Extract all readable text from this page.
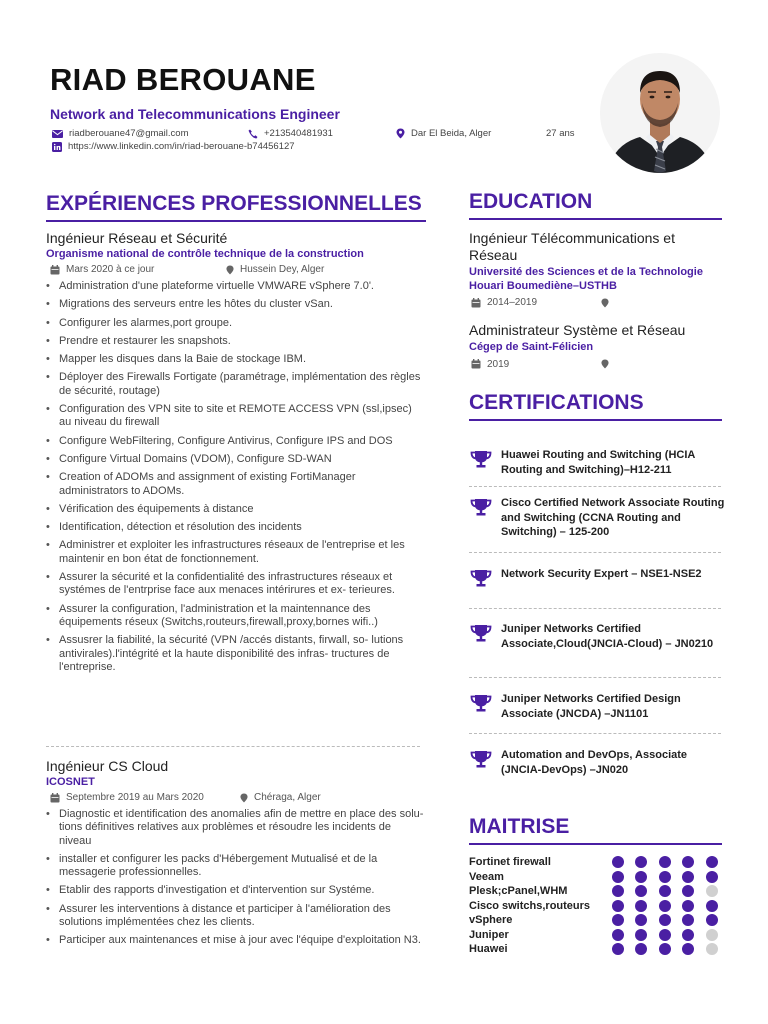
RIAD BEROUANE
Network and Telecommunications Engineer
riadberouane47@gmail.com	+213540481931	Dar El Beida, Alger	27 ans
https://www.linkedin.com/in/riad-berouane-b74456127
EXPÉRIENCES PROFESSIONNELLES
Ingénieur Réseau et Sécurité
Organisme national de contrôle technique de la construction
Mars 2020 à ce jour	Hussein Dey, Alger
• Administration d'une plateforme virtuelle VMWARE vSphere 7.0'.
• Migrations des serveurs entre les hôtes du cluster vSan.
• Configurer les alarmes,port groupe.
• Prendre et restaurer les snapshots.
• Mapper les disques dans la Baie de stockage IBM.
• Déployer des Firewalls Fortigate (paramétrage, implémentation des règles de sécurité, routage)
• Configuration des VPN site to site et REMOTE ACCESS VPN (ssl,ipsec) au niveau du firewall
• Configure WebFiltering, Configure Antivirus, Configure IPS and DOS
• Configure Virtual Domains (VDOM), Configure SD-WAN
• Creation of ADOMs and assignment of existing FortiManager administrators to ADOMs.
• Vérification des équipements à distance
• Identification, détection et résolution des incidents
• Administrer et exploiter les infrastructures réseaux de l'entreprise et les maintenir en bon état de fonctionnement.
• Assurer la sécurité et la confidentialité des infrastructures réseaux et systémes de l'entrprise face aux menaces intérirures et ex- terieures.
• Assurer la configuration, l'administration et la maintennance des équipements réseux (Switchs,routeurs,firewall,proxy,bornes wifi..)
• Assusrer la fiabilité, la sécurité (VPN /accés distants, firwall, so- lutions antivirales).l'intégrité et la haute disponibilité des infras- tructures de l'entreprise.
Ingénieur CS Cloud
ICOSNET
Septembre 2019 au Mars 2020	Chéraga, Alger
• Diagnostic et identification des anomalies afin de mettre en place des solu- tions définitives relatives aux problèmes et résoudre les incidents de niveau
• installer et configurer les packs d'Hébergement Mutualisé et de la messagerie professionnelles.
• Etablir des rapports d'investigation et d'intervention sur Systéme.
• Assurer les interventions à distance et participer à l'amélioration des solutions implémentées chez les clients.
• Participer aux maintenances et mise à jour avec l'équipe d'exploitation N3.
EDUCATION
Ingénieur Télécommunications et Réseau
Université des Sciences et de la Technologie Houari Boumediène–USTHB
2014–2019
Administrateur Système et Réseau
Cégep de Saint-Félicien
2019
CERTIFICATIONS
Huawei Routing and Switching (HCIA Routing and Switching)–H12-211
Cisco Certified Network Associate Routing and Switching (CCNA Routing and Switching) – 125-200
Network Security Expert – NSE1-NSE2
Juniper Networks Certified Associate,Cloud(JNCIA-Cloud) – JN0210
Juniper Networks Certified Design Associate (JNCDA) –JN1101
Automation and DevOps, Associate (JNCIA-DevOps) –JN020
MAITRISE
Fortinet firewall
Veeam
Plesk;cPanel,WHM
Cisco switchs,routeurs
vSphere
Juniper
Huawei
